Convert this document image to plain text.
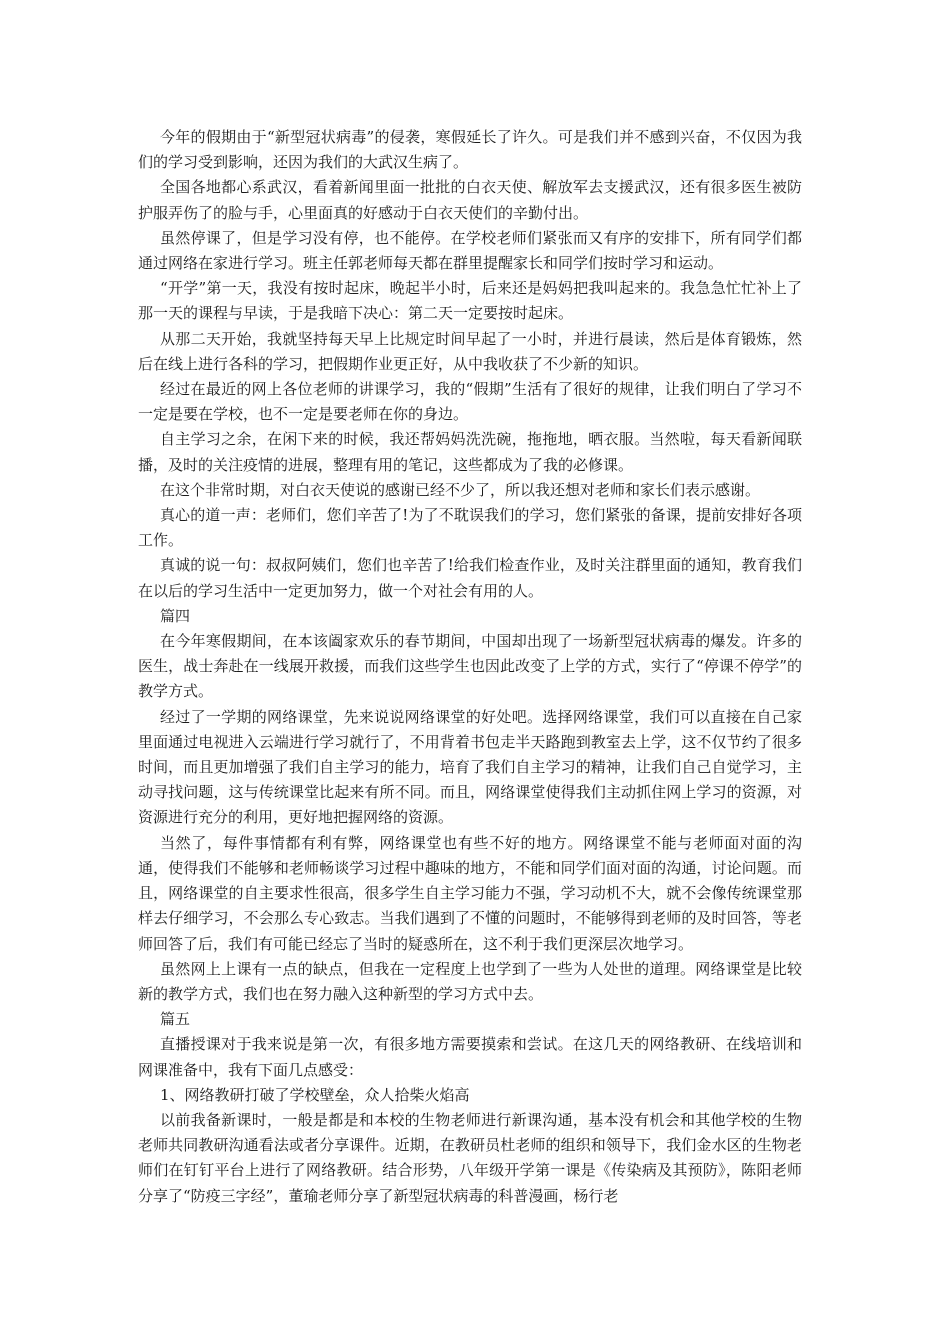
今年的假期由于“新型冠状病毒”的侵袭，寒假延长了许久。可是我们并不感到兴奋，不仅因为我们的学习受到影响，还因为我们的大武汉生病了。

全国各地都心系武汉，看着新闻里面一批批的白衣天使、解放军去支援武汉，还有很多医生被防护服弄伤了的脸与手，心里面真的好感动于白衣天使们的辛勤付出。

虽然停课了，但是学习没有停，也不能停。在学校老师们紧张而又有序的安排下，所有同学们都通过网络在家进行学习。班主任郭老师每天都在群里提醒家长和同学们按时学习和运动。

“开学”第一天，我没有按时起床，晚起半小时，后来还是妈妈把我叫起来的。我急急忙忙补上了那一天的课程与早读，于是我暗下决心：第二天一定要按时起床。

从那二天开始，我就坚持每天早上比规定时间早起了一小时，并进行晨读，然后是体育锻炼，然后在线上进行各科的学习，把假期作业更正好，从中我收获了不少新的知识。

经过在最近的网上各位老师的讲课学习，我的“假期”生活有了很好的规律，让我们明白了学习不一定是要在学校，也不一定是要老师在你的身边。

自主学习之余，在闲下来的时候，我还帮妈妈洗洗碗，拖拖地，晒衣服。当然啦，每天看新闻联播，及时的关注疫情的进展，整理有用的笔记，这些都成为了我的必修课。

在这个非常时期，对白衣天使说的感谢已经不少了，所以我还想对老师和家长们表示感谢。

真心的道一声：老师们，您们辛苦了!为了不耽误我们的学习，您们紧张的备课，提前安排好各项工作。

真诚的说一句：叔叔阿姨们，您们也辛苦了!给我们检查作业，及时关注群里面的通知，教育我们在以后的学习生活中一定更加努力，做一个对社会有用的人。

篇四

在今年寒假期间，在本该阖家欢乐的春节期间，中国却出现了一场新型冠状病毒的爆发。许多的医生，战士奔赴在一线展开救援，而我们这些学生也因此改变了上学的方式，实行了“停课不停学”的教学方式。

经过了一学期的网络课堂，先来说说网络课堂的好处吧。选择网络课堂，我们可以直接在自己家里面通过电视进入云端进行学习就行了，不用背着书包走半天路跑到教室去上学，这不仅节约了很多时间，而且更加增强了我们自主学习的能力，培育了我们自主学习的精神，让我们自己自觉学习，主动寻找问题，这与传统课堂比起来有所不同。而且，网络课堂使得我们主动抓住网上学习的资源，对资源进行充分的利用，更好地把握网络的资源。

当然了，每件事情都有利有弊，网络课堂也有些不好的地方。网络课堂不能与老师面对面的沟通，使得我们不能够和老师畅谈学习过程中趣味的地方，不能和同学们面对面的沟通，讨论问题。而且，网络课堂的自主要求性很高，很多学生自主学习能力不强，学习动机不大，就不会像传统课堂那样去仔细学习，不会那么专心致志。当我们遇到了不懂的问题时，不能够得到老师的及时回答，等老师回答了后，我们有可能已经忘了当时的疑惑所在，这不利于我们更深层次地学习。

虽然网上上课有一点的缺点，但我在一定程度上也学到了一些为人处世的道理。网络课堂是比较新的教学方式，我们也在努力融入这种新型的学习方式中去。

篇五

直播授课对于我来说是第一次，有很多地方需要摸索和尝试。在这几天的网络教研、在线培训和网课准备中，我有下面几点感受：

1、网络教研打破了学校壁垒，众人拾柴火焰高

以前我备新课时，一般是都是和本校的生物老师进行新课沟通，基本没有机会和其他学校的生物老师共同教研沟通看法或者分享课件。近期，在教研员杜老师的组织和领导下，我们金水区的生物老师们在钉钉平台上进行了网络教研。结合形势，八年级开学第一课是《传染病及其预防》，陈阳老师分享了“防疫三字经”，董瑜老师分享了新型冠状病毒的科普漫画，杨行老
